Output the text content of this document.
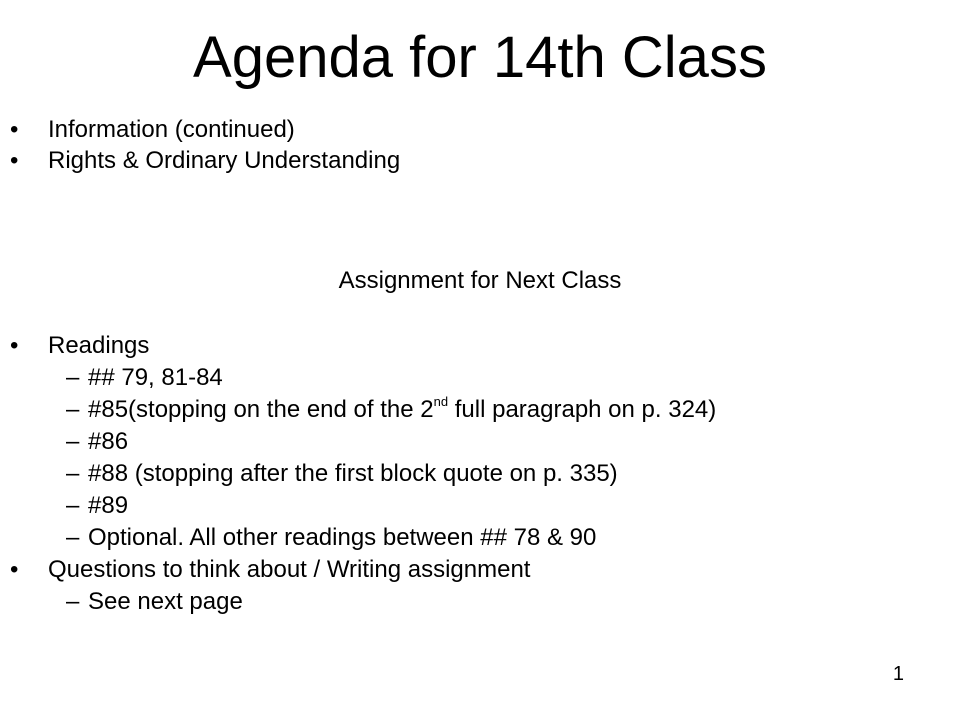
Agenda for 14th Class
• Information (continued)
• Rights & Ordinary Understanding
Assignment for Next Class
• Readings
– ## 79, 81-84
– #85(stopping on the end of the 2nd full paragraph on p. 324)
– #86
– #88 (stopping after the first block quote on p. 335)
– #89
– Optional. All other readings between ## 78 & 90
• Questions to think about / Writing assignment
– See next page
1
